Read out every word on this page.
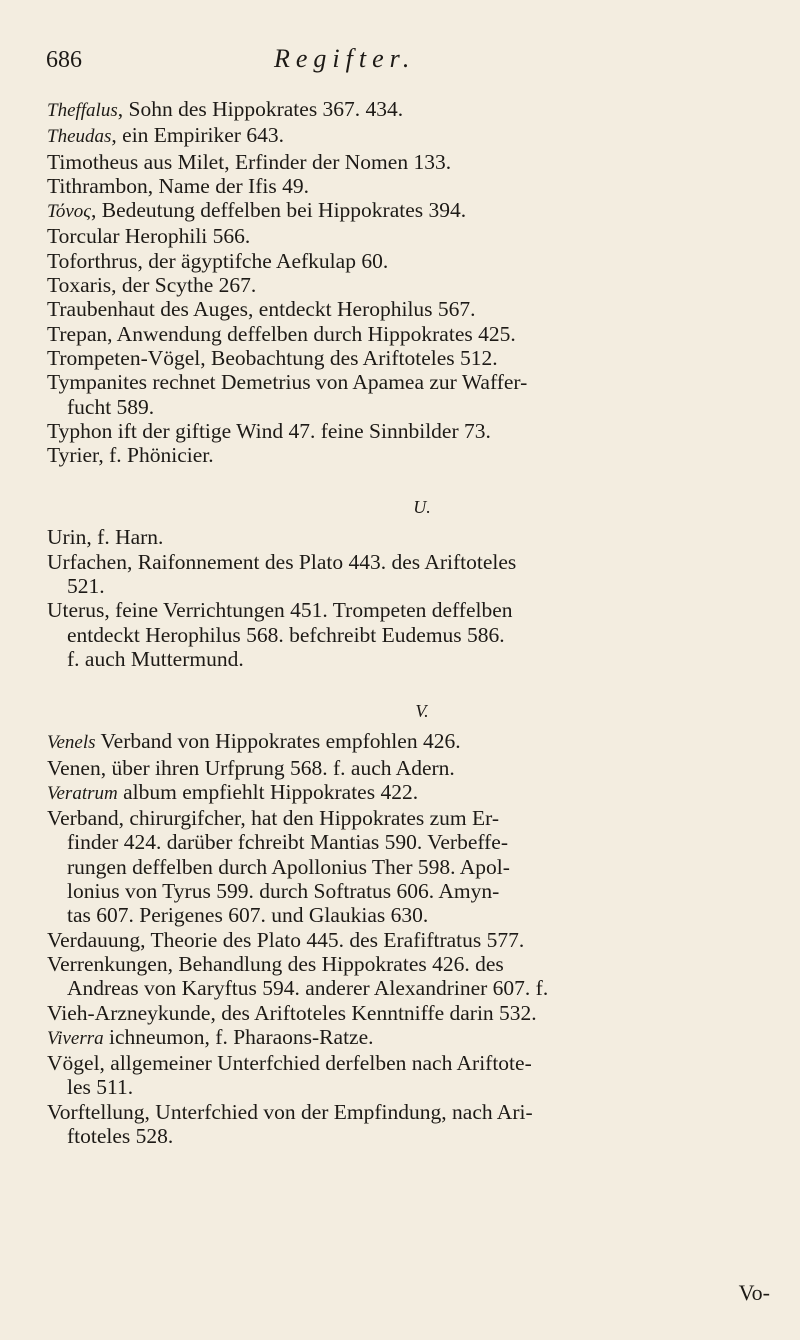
686	Regifter.
Theffalus, Sohn des Hippokrates 367. 434.
Theudas, ein Empiriker 643.
Timotheus aus Milet, Erfinder der Nomen 133.
Tithrambon, Name der Ifis 49.
Τόνος, Bedeutung deffelben bei Hippokrates 394.
Torcular Herophili 566.
Toforthrus, der ägyptifche Aefkulap 60.
Toxaris, der Scythe 267.
Traubenhaut des Auges, entdeckt Herophilus 567.
Trepan, Anwendung deffelben durch Hippokrates 425.
Trompeten-Vögel, Beobachtung des Ariftoteles 512.
Tympanites rechnet Demetrius von Apamea zur Waffer-
fucht 589.
Typhon ift der giftige Wind 47. feine Sinnbilder 73.
Tyrier, f. Phönicier.
U.
Urin, f. Harn.
Urfachen, Raifonnement des Plato 443. des Ariftoteles
521.
Uterus, feine Verrichtungen 451. Trompeten deffelben
entdeckt Herophilus 568. befchreibt Eudemus 586.
f. auch Muttermund.
V.
Venels Verband von Hippokrates empfohlen 426.
Venen, über ihren Urfprung 568. f. auch Adern.
Veratrum album empfiehlt Hippokrates 422.
Verband, chirurgifcher, hat den Hippokrates zum Er-
finder 424. darüber fchreibt Mantias 590. Verbeffe-
rungen deffelben durch Apollonius Ther 598. Apol-
lonius von Tyrus 599. durch Softratus 606. Amyn-
tas 607. Perigenes 607. und Glaukias 630.
Verdauung, Theorie des Plato 445. des Erafiftratus 577.
Verrenkungen, Behandlung des Hippokrates 426. des
Andreas von Karyftus 594. anderer Alexandriner 607. f.
Vieh-Arzneykunde, des Ariftoteles Kenntniffe darin 532.
Viverra ichneumon, f. Pharaons-Ratze.
Vögel, allgemeiner Unterfchied derfelben nach Ariftote-
les 511.
Vorftellung, Unterfchied von der Empfindung, nach Ari-
ftoteles 528.
Vo-
